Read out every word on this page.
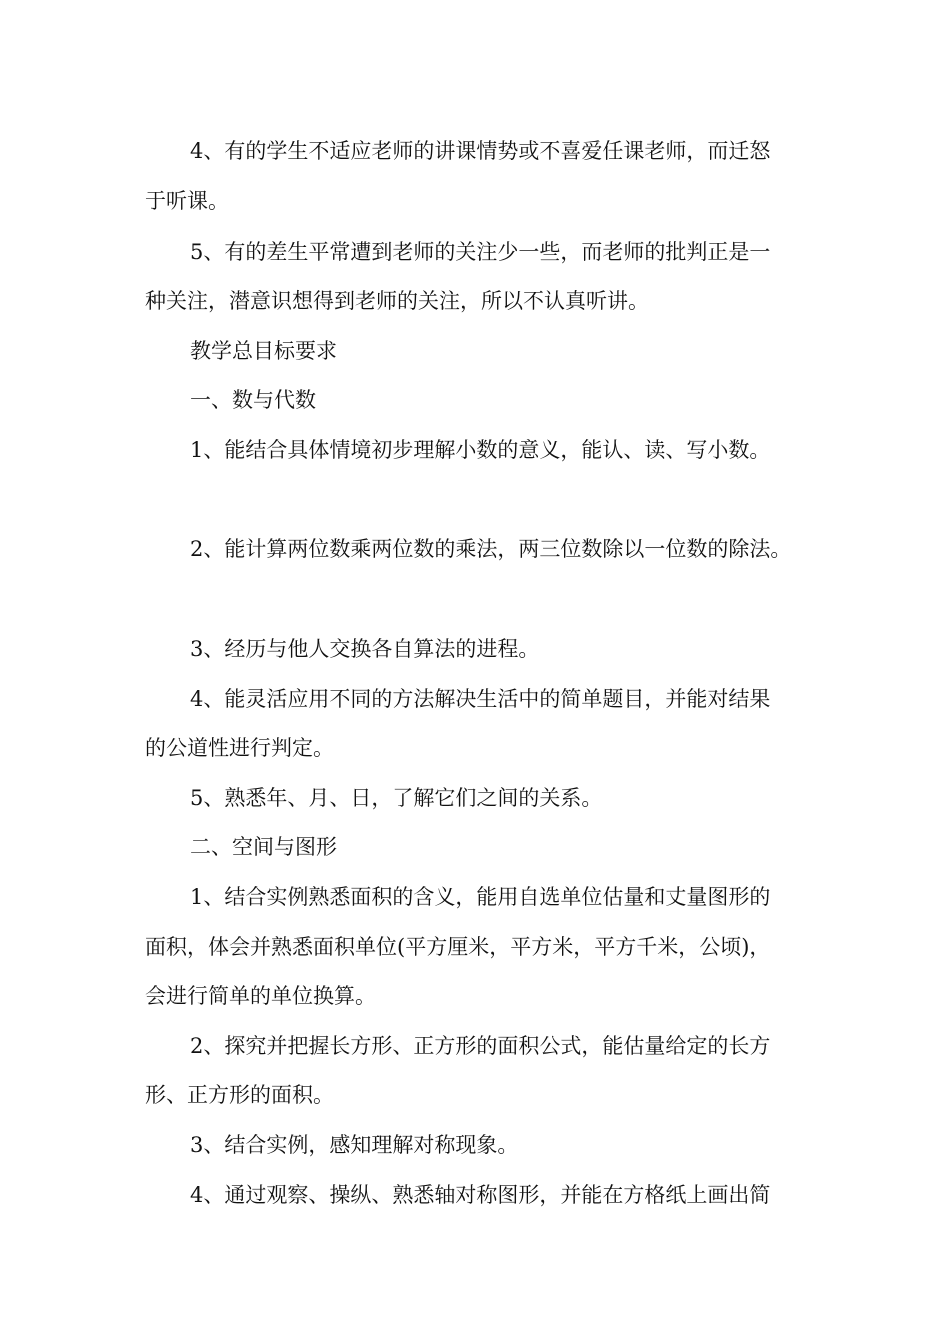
4、有的学生不适应老师的讲课情势或不喜爱任课老师，而迁怒
于听课。
5、有的差生平常遭到老师的关注少一些，而老师的批判正是一
种关注，潜意识想得到老师的关注，所以不认真听讲。
教学总目标要求
一、数与代数
1、能结合具体情境初步理解小数的意义，能认、读、写小数。
2、能计算两位数乘两位数的乘法，两三位数除以一位数的除法。
3、经历与他人交换各自算法的进程。
4、能灵活应用不同的方法解决生活中的简单题目，并能对结果
的公道性进行判定。
5、熟悉年、月、日，了解它们之间的关系。
二、空间与图形
1、结合实例熟悉面积的含义，能用自选单位估量和丈量图形的
面积，体会并熟悉面积单位(平方厘米，平方米，平方千米，公顷)，
会进行简单的单位换算。
2、探究并把握长方形、正方形的面积公式，能估量给定的长方
形、正方形的面积。
3、结合实例，感知理解对称现象。
4、通过观察、操纵、熟悉轴对称图形，并能在方格纸上画出简
